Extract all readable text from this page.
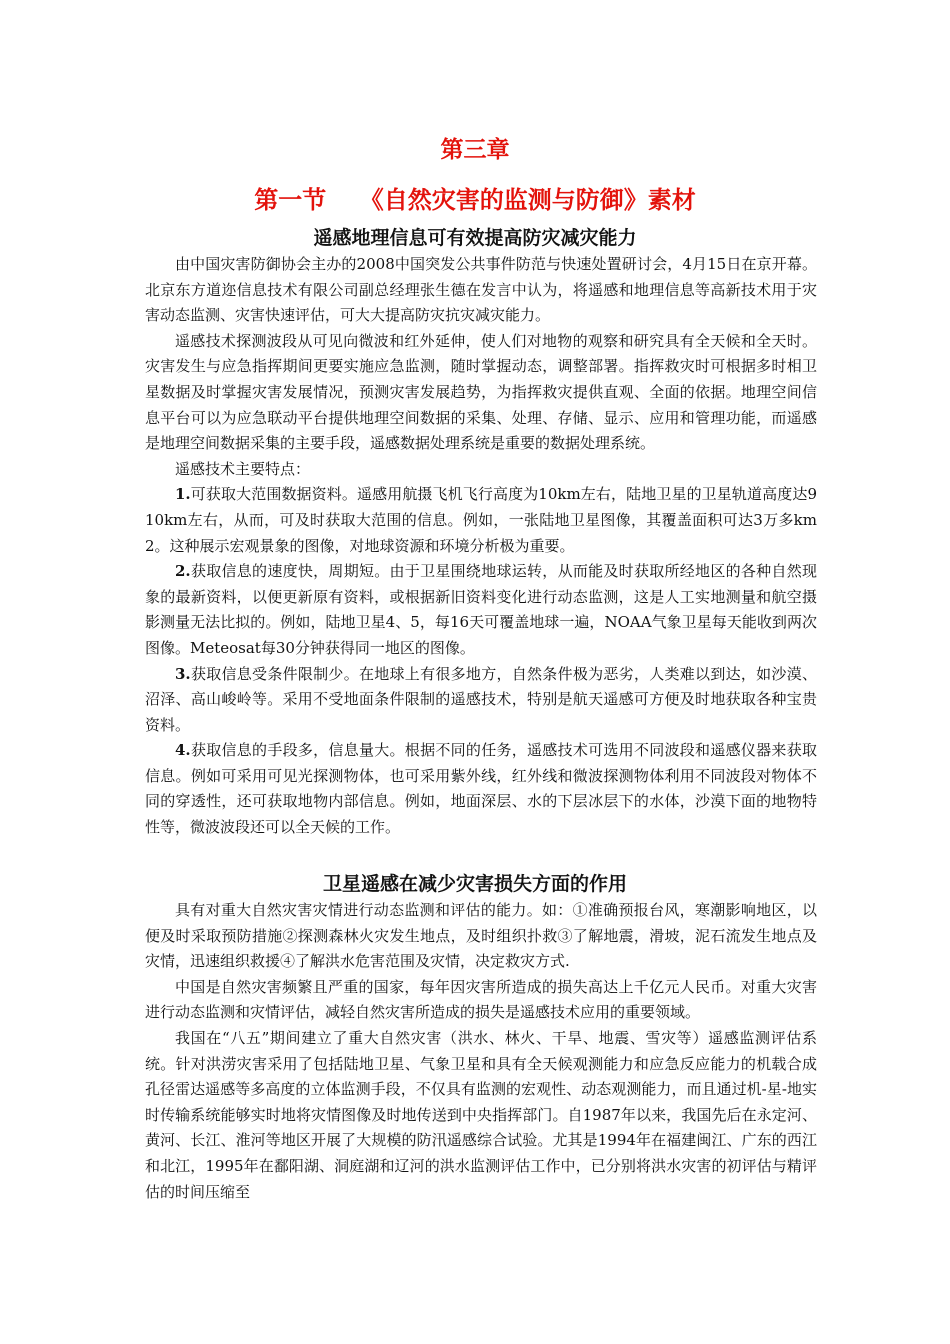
第三章
第一节    《自然灾害的监测与防御》素材
遥感地理信息可有效提高防灾减灾能力

由中国灾害防御协会主办的2008中国突发公共事件防范与快速处置研讨会，4月15日在京开幕。北京东方道迩信息技术有限公司副总经理张生德在发言中认为，将遥感和地理信息等高新技术用于灾害动态监测、灾害快速评估，可大大提高防灾抗灾减灾能力。

遥感技术探测波段从可见向微波和红外延伸，使人们对地物的观察和研究具有全天候和全天时。灾害发生与应急指挥期间更要实施应急监测，随时掌握动态，调整部署。指挥救灾时可根据多时相卫星数据及时掌握灾害发展情况，预测灾害发展趋势，为指挥救灾提供直观、全面的依据。地理空间信息平台可以为应急联动平台提供地理空间数据的采集、处理、存储、显示、应用和管理功能，而遥感是地理空间数据采集的主要手段，遥感数据处理系统是重要的数据处理系统。

遥感技术主要特点：

1.可获取大范围数据资料。遥感用航摄飞机飞行高度为10km左右，陆地卫星的卫星轨道高度达910km左右，从而，可及时获取大范围的信息。例如，一张陆地卫星图像，其覆盖面积可达3万多km2。这种展示宏观景象的图像，对地球资源和环境分析极为重要。

2.获取信息的速度快，周期短。由于卫星围绕地球运转，从而能及时获取所经地区的各种自然现象的最新资料，以便更新原有资料，或根据新旧资料变化进行动态监测，这是人工实地测量和航空摄影测量无法比拟的。例如，陆地卫星4、5，每16天可覆盖地球一遍，NOAA气象卫星每天能收到两次图像。Meteosat每30分钟获得同一地区的图像。

3.获取信息受条件限制少。在地球上有很多地方，自然条件极为恶劣，人类难以到达，如沙漠、沼泽、高山峻岭等。采用不受地面条件限制的遥感技术，特别是航天遥感可方便及时地获取各种宝贵资料。

4.获取信息的手段多，信息量大。根据不同的任务，遥感技术可选用不同波段和遥感仪器来获取信息。例如可采用可见光探测物体，也可采用紫外线，红外线和微波探测物体利用不同波段对物体不同的穿透性，还可获取地物内部信息。例如，地面深层、水的下层冰层下的水体，沙漠下面的地物特性等，微波波段还可以全天候的工作。

卫星遥感在减少灾害损失方面的作用

具有对重大自然灾害灾情进行动态监测和评估的能力。如：①准确预报台风，寒潮影响地区，以便及时采取预防措施②探测森林火灾发生地点，及时组织扑救③了解地震，滑坡，泥石流发生地点及灾情，迅速组织救援④了解洪水危害范围及灾情，决定救灾方式.

中国是自然灾害频繁且严重的国家，每年因灾害所造成的损失高达上千亿元人民币。对重大灾害进行动态监测和灾情评估，减轻自然灾害所造成的损失是遥感技术应用的重要领域。

我国在“八五”期间建立了重大自然灾害（洪水、林火、干旱、地震、雪灾等）遥感监测评估系统。针对洪涝灾害采用了包括陆地卫星、气象卫星和具有全天候观测能力和应急反应能力的机载合成孔径雷达遥感等多高度的立体监测手段，不仅具有监测的宏观性、动态观测能力，而且通过机-星-地实时传输系统能够实时地将灾情图像及时地传送到中央指挥部门。自1987年以来，我国先后在永定河、黄河、长江、淮河等地区开展了大规模的防汛遥感综合试验。尤其是1994年在福建闽江、广东的西江和北江，1995年在鄱阳湖、洞庭湖和辽河的洪水监测评估工作中，已分别将洪水灾害的初评估与精评估的时间压缩至
